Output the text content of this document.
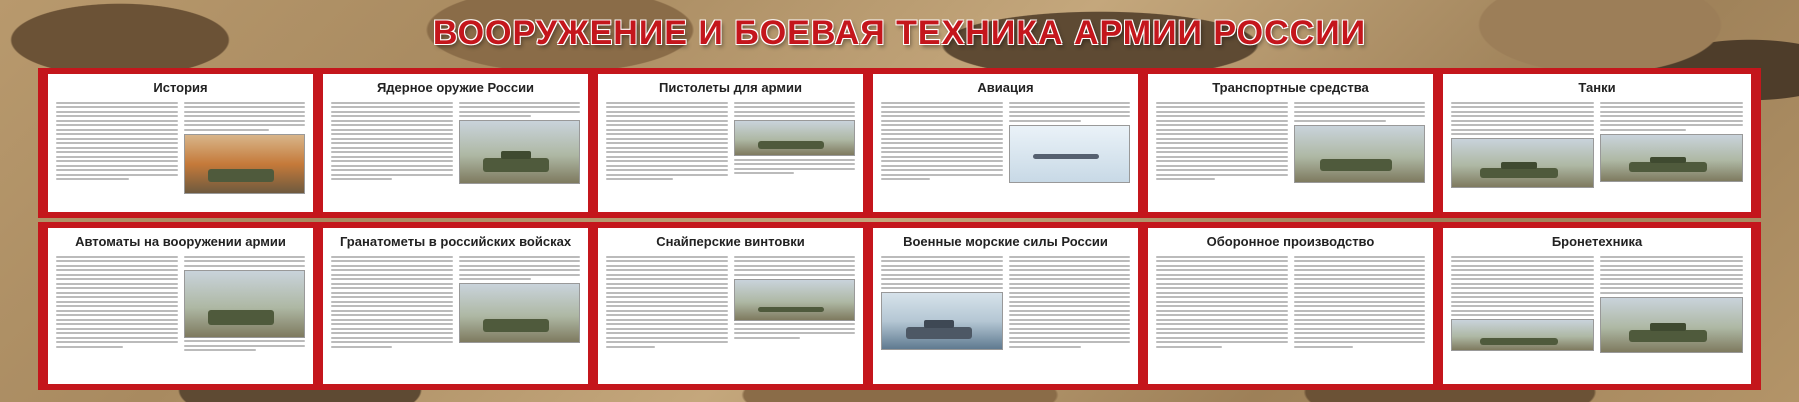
ВООРУЖЕНИЕ И БОЕВАЯ ТЕХНИКА АРМИИ РОССИИ
История	Ядерное оружие России	Пистолеты для армии	Авиация	Транспортные средства	Танки
Автоматы на вооружении армии	Гранатометы в российских войсках	Снайперские винтовки	Военные морские силы России	Оборонное производство	Бронетехника
